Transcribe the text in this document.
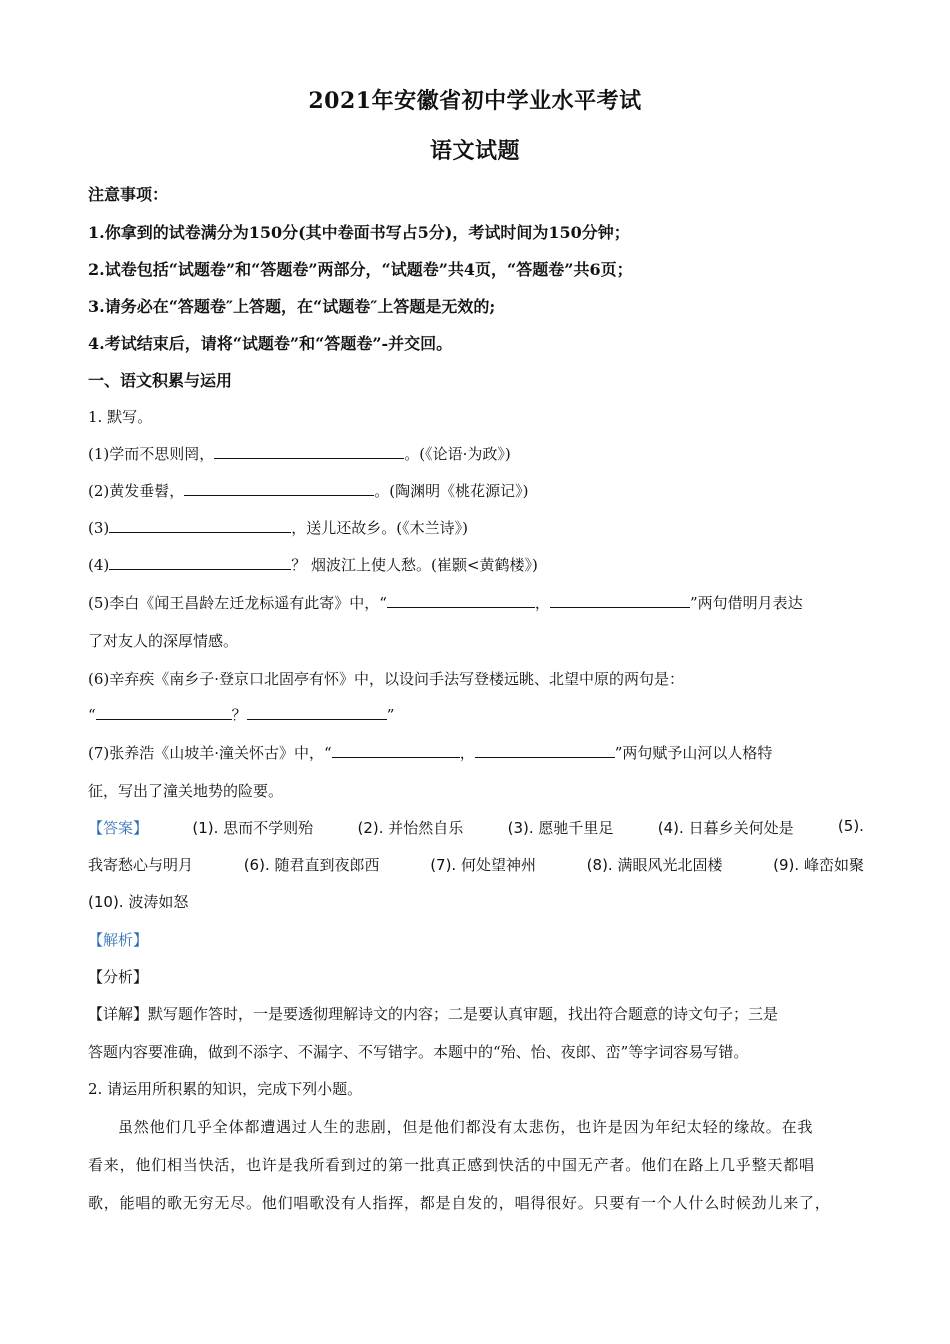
2021年安徽省初中学业水平考试
语文试题
注意事项：
1.你拿到的试卷满分为150分(其中卷面书写占5分)，考试时间为150分钟；
2.试卷包括“试题卷”和“答题卷”两部分，“试题卷”共4页，“答题卷”共6页；
3.请务必在“答题卷″上答题，在“试题卷″上答题是无效的;
4.考试结束后，请将“试题卷”和“答题卷”-并交回。
一、语文积累与运用
1. 默写。
(1)学而不思则罔，	。(《论语·为政》)
(2)黄发垂髫，	。(陶渊明《桃花源记》)
(3)	，送儿还故乡。(《木兰诗》)
(4)	？ 烟波江上使人愁。(崔颢<黄鹤楼》)
(5)李白《闻王昌龄左迁龙标遥有此寄》中，“	，	”两句借明月表达
了对友人的深厚情感。
(6)辛弃疾《南乡子·登京口北固亭有怀》中，以设问手法写登楼远眺、北望中原的两句是：
“	？	”
(7)张养浩《山坡羊·潼关怀古》中，“	，	”两句赋予山河以人格特
征，写出了潼关地势的险要。
【答案】	(1). 思而不学则殆	(2). 并怡然自乐	(3). 愿驰千里足	(4). 日暮乡关何处是	(5).
我寄愁心与明月	(6). 随君直到夜郎西	(7). 何处望神州	(8). 满眼风光北固楼	(9). 峰峦如聚
(10). 波涛如怒
【解析】
【分析】
【详解】默写题作答时，一是要透彻理解诗文的内容；二是要认真审题，找出符合题意的诗文句子；三是
答题内容要准确，做到不添字、不漏字、不写错字。本题中的“殆、怡、夜郎、峦”等字词容易写错。
2. 请运用所积累的知识，完成下列小题。
虽然他们几乎全体都遭遇过人生的悲剧，但是他们都没有太悲伤，也许是因为年纪太轻的缘故。在我
看来，他们相当快活，也许是我所看到过的第一批真正感到快活的中国无产者。他们在路上几乎整天都唱
歌，能唱的歌无穷无尽。他们唱歌没有人指挥，都是自发的，唱得很好。只要有一个人什么时候劲儿来了，
